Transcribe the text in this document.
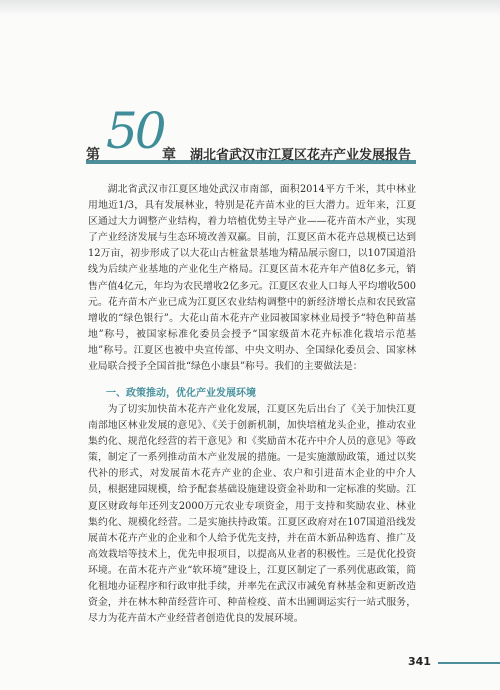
第 50
章 湖北省武汉市江夏区花卉产业发展报告

湖北省武汉市江夏区地处武汉市南部，面积2014平方千米，其中林业用地近1/3，具有发展林业，特别是花卉苗木业的巨大潜力。近年来，江夏区通过大力调整产业结构，着力培植优势主导产业——花卉苗木产业，实现了产业经济发展与生态环境改善双赢。目前，江夏区苗木花卉总规模已达到12万亩，初步形成了以大花山古桩盆景基地为精品展示窗口，以107国道沿线为后续产业基地的产业化生产格局。江夏区苗木花卉年产值8亿多元，销售产值4亿元，年均为农民增收2亿多元。江夏区农业人口每人平均增收500元。花卉苗木产业已成为江夏区农业结构调整中的新经济增长点和农民致富增收的“绿色银行”。大花山苗木花卉产业园被国家林业局授予“特色种苗基地”称号，被国家标准化委员会授予“国家级苗木花卉标准化栽培示范基地”称号。江夏区也被中央宣传部、中央文明办、全国绿化委员会、国家林业局联合授予全国首批“绿色小康县”称号。我们的主要做法是：

一、政策推动，优化产业发展环境

为了切实加快苗木花卉产业化发展，江夏区先后出台了《关于加快江夏南部地区林业发展的意见》、《关于创新机制，加快培植龙头企业，推动农业集约化、规范化经营的若干意见》和《奖励苗木花卉中介人员的意见》等政策，制定了一系列推动苗木产业发展的措施。一是实施激励政策，通过以奖代补的形式，对发展苗木花卉产业的企业、农户和引进苗木企业的中介人员，根据建园规模，给予配套基础设施建设资金补助和一定标准的奖励。江夏区财政每年还列支2000万元农业专项资金，用于支持和奖励农业、林业集约化、规模化经营。二是实施扶持政策。江夏区政府对在107国道沿线发展苗木花卉产业的企业和个人给予优先支持，并在苗木新品种选育、推广及高效栽培等技术上，优先申报项目，以提高从业者的积极性。三是优化投资环境。在苗木花卉产业“软环境”建设上，江夏区制定了一系列优惠政策，简化租地办证程序和行政审批手续，并率先在武汉市减免育林基金和更新改造资金，并在林木种苗经营许可、种苗检疫、苗木出圃调运实行一站式服务，尽力为花卉苗木产业经营者创造优良的发展环境。

341
